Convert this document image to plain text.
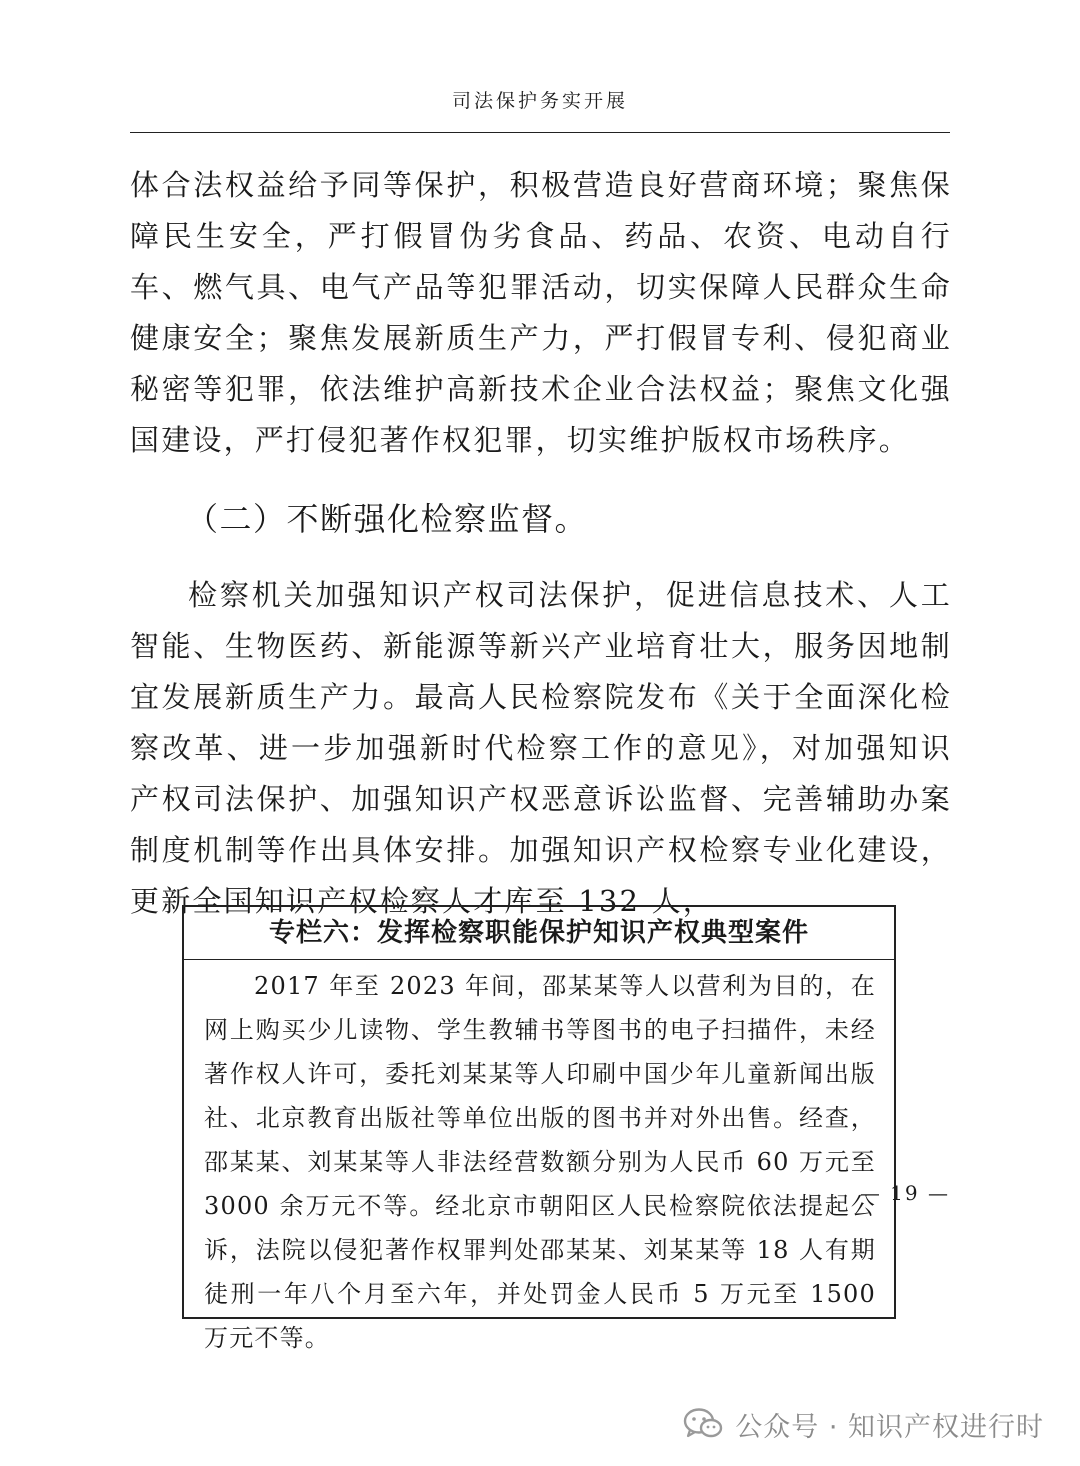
司法保护务实开展

体合法权益给予同等保护，积极营造良好营商环境；聚焦保障民生安全，严打假冒伪劣食品、药品、农资、电动自行车、燃气具、电气产品等犯罪活动，切实保障人民群众生命健康安全；聚焦发展新质生产力，严打假冒专利、侵犯商业秘密等犯罪，依法维护高新技术企业合法权益；聚焦文化强国建设，严打侵犯著作权犯罪，切实维护版权市场秩序。

（二）不断强化检察监督。

检察机关加强知识产权司法保护，促进信息技术、人工智能、生物医药、新能源等新兴产业培育壮大，服务因地制宜发展新质生产力。最高人民检察院发布《关于全面深化检察改革、进一步加强新时代检察工作的意见》，对加强知识产权司法保护、加强知识产权恶意诉讼监督、完善辅助办案制度机制等作出具体安排。加强知识产权检察专业化建设，更新全国知识产权检察人才库至 132 人，

专栏六：发挥检察职能保护知识产权典型案件

2017 年至 2023 年间，邵某某等人以营利为目的，在网上购买少儿读物、学生教辅书等图书的电子扫描件，未经著作权人许可，委托刘某某等人印刷中国少年儿童新闻出版社、北京教育出版社等单位出版的图书并对外出售。经查，邵某某、刘某某等人非法经营数额分别为人民币 60 万元至 3000 余万元不等。经北京市朝阳区人民检察院依法提起公诉，法院以侵犯著作权罪判处邵某某、刘某某等 18 人有期徒刑一年八个月至六年，并处罚金人民币 5 万元至 1500 万元不等。

— 19 —
公众号 · 知识产权进行时
